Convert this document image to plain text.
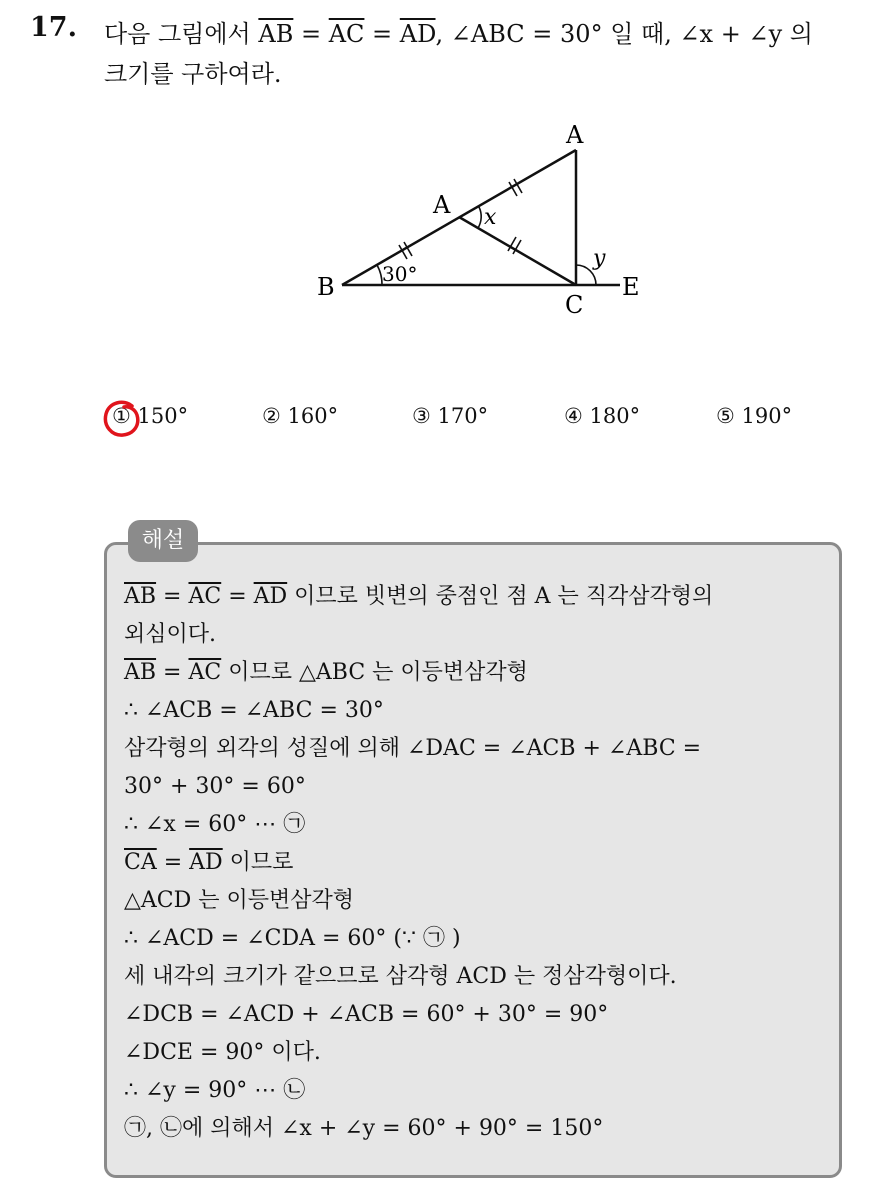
17. 다음 그림에서 $\overline{AB} = \overline{AC} = \overline{AD}$, ∠ABC = 30° 일 때, ∠x + ∠y 의
크기를 구하여라.
A
A
B
C
E
x
y
30°
① 150°	② 160°	③ 170°	④ 180°	⑤ 190°
해설
$\overline{AB} = \overline{AC} = \overline{AD}$ 이므로 빗변의 중점인 점 A 는 직각삼각형의
외심이다.
$\overline{AB} = \overline{AC}$ 이므로 △ABC 는 이등변삼각형
∴ ∠ACB = ∠ABC = 30°
삼각형의 외각의 성질에 의해 ∠DAC = ∠ACB + ∠ABC =
30° + 30° = 60°
∴ ∠x = 60° ⋯ ㉠
$\overline{CA} = \overline{AD}$ 이므로
△ACD 는 이등변삼각형
∴ ∠ACD = ∠CDA = 60° (∵ ㉠ )
세 내각의 크기가 같으므로 삼각형 ACD 는 정삼각형이다.
∠DCB = ∠ACD + ∠ACB = 60° + 30° = 90°
∠DCE = 90° 이다.
∴ ∠y = 90° ⋯ ㉡
㉠, ㉡에 의해서 ∠x + ∠y = 60° + 90° = 150°
